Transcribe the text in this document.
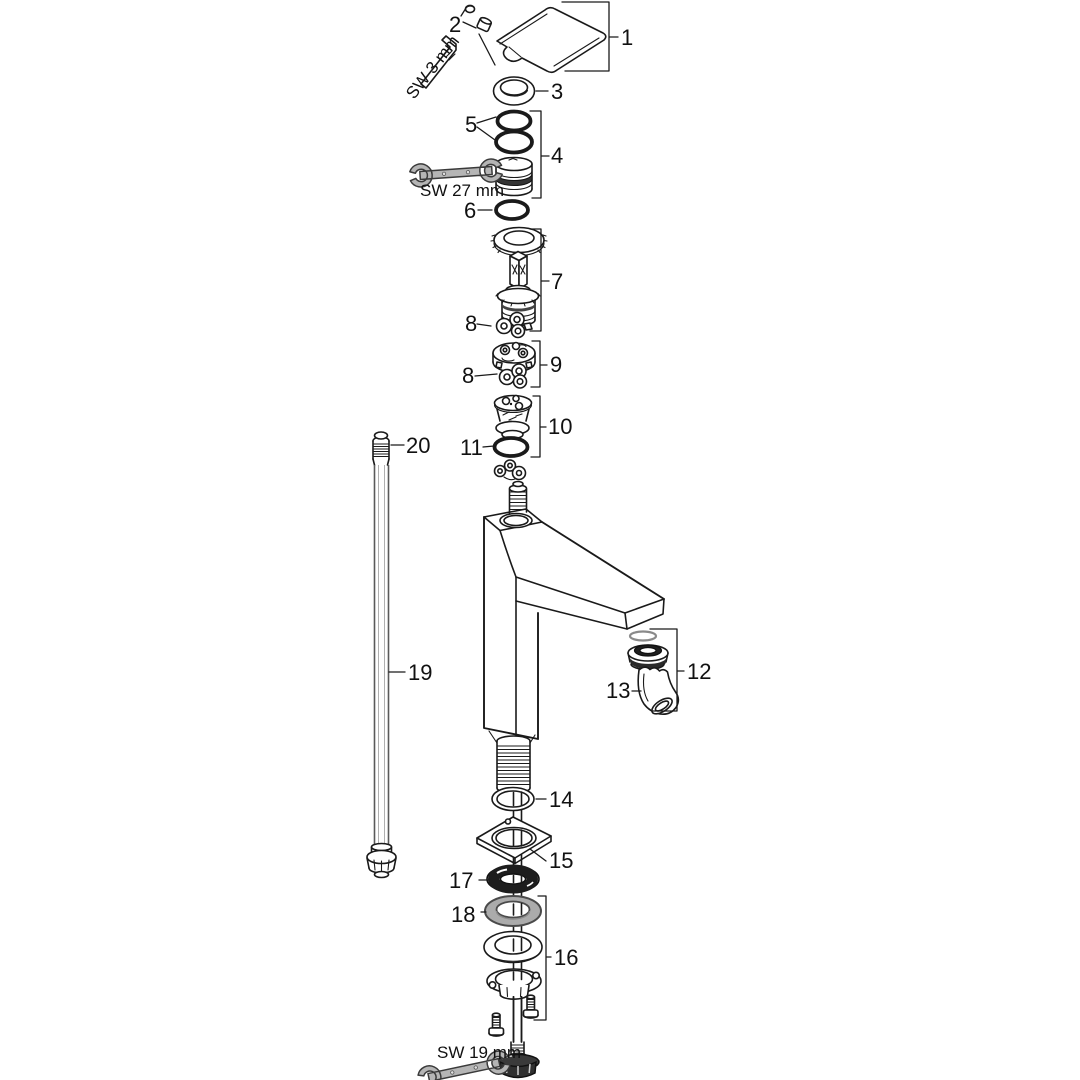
2
SW 3 mm	1
3
5
4
SW 27 mm
6
7
8
9
8
10
11
20
19	12
13
14
15
17
18
16
SW 19 mm
